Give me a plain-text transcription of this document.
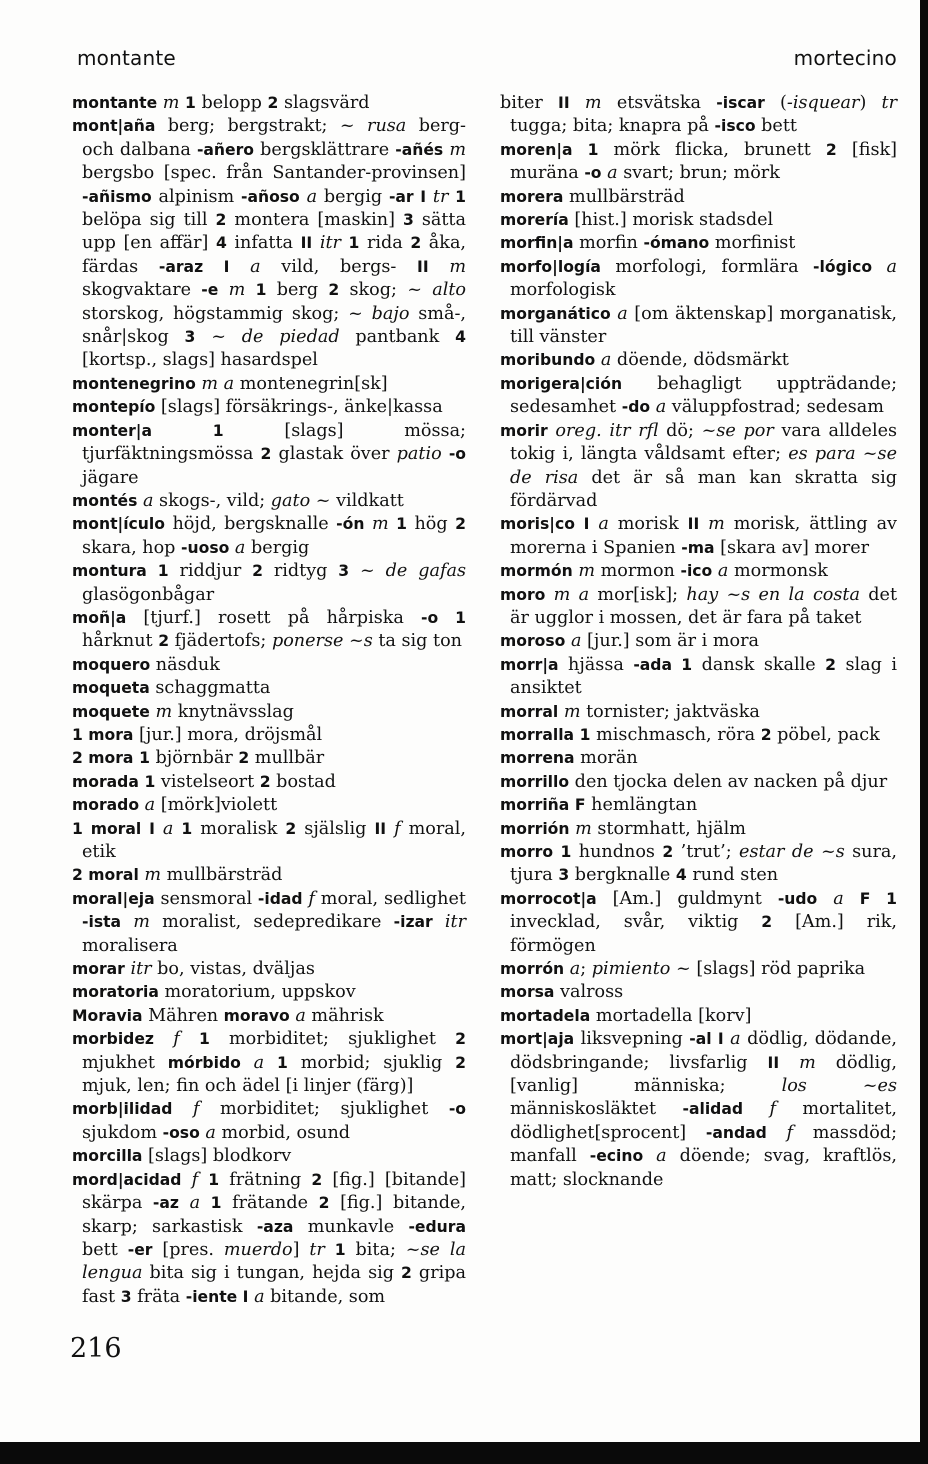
montante	mortecino

montante m 1 belopp 2 slagsvärd

mont|aña berg; bergstrakt; ~ rusa berg- och dalbana -añero bergsklättrare -añés m bergsbo [spec. från Santander-provinsen] -añismo alpinism -añoso a bergig -ar I tr 1 belöpa sig till 2 montera [maskin] 3 sätta upp [en affär] 4 infatta II itr 1 rida 2 åka, färdas -araz I a vild, bergs- II m skogvaktare -e m 1 berg 2 skog; ~ alto storskog, högstammig skog; ~ bajo små-, snår|skog 3 ~ de piedad pantbank 4 [kortsp., slags] hasardspel

montenegrino m a montenegrin[sk]

montepío [slags] försäkrings-, änke|kassa

monter|a	1 [slags] mössa; tjurfäktningsmössa 2 glastak över patio -o jägare

montés a skogs-, vild; gato ~ vildkatt

mont|ículo höjd, bergsknalle -ón m 1 hög 2 skara, hop -uoso a bergig

montura 1 riddjur 2 ridtyg 3 ~ de gafas glasögonbågar

moñ|a [tjurf.] rosett på hårpiska -o 1 hårknut 2 fjädertofs; ponerse ~s ta sig ton

moquero näsduk

moqueta schaggmatta

moquete m knytnävsslag

1 mora [jur.] mora, dröjsmål

2 mora 1 björnbär 2 mullbär

morada 1 vistelseort 2 bostad

morado a [mörk]violett

1 moral I a 1 moralisk 2 själslig II f moral, etik

2 moral m mullbärsträd

moral|eja sensmoral -idad f moral, sedlighet -ista m moralist, sedepredikare -izar itr moralisera

morar itr bo, vistas, dväljas

moratoria moratorium, uppskov

Moravia Mähren moravo a mährisk

morbidez f 1 morbiditet; sjuklighet 2 mjukhet mórbido a 1 morbid; sjuklig 2 mjuk, len; fin och ädel [i linjer (färg)]

morb|ilidad f morbiditet; sjuklighet -o sjukdom -oso a morbid, osund

morcilla [slags] blodkorv

mord|acidad f 1 frätning 2 [fig.] [bitande] skärpa -az a 1 frätande 2 [fig.] bitande, skarp; sarkastisk -aza munkavle -edura bett -er [pres. muerdo] tr 1 bita; ~se la lengua bita sig i tungan, hejda sig 2 gripa fast 3 fräta -iente I a bitande, som

biter II m etsvätska -iscar (-isquear) tr tugga; bita; knapra på -isco bett

moren|a 1 mörk flicka, brunett 2 [fisk] muräna -o a svart; brun; mörk

morera mullbärsträd

morería [hist.] morisk stadsdel

morfin|a morfin -ómano morfinist

morfo|logía morfologi, formlära -lógico a morfologisk

morganático a [om äktenskap] morganatisk, till vänster

moribundo a döende, dödsmärkt

morigera|ción behagligt uppträdande; sedesamhet -do a väluppfostrad; sedesam

morir oreg. itr rfl dö; ~se por vara alldeles tokig i, längta våldsamt efter; es para ~se de risa det är så man kan skratta sig fördärvad

moris|co I a morisk II m morisk, ättling av morerna i Spanien -ma [skara av] morer

mormón m mormon -ico a mormonsk

moro m a mor[isk]; hay ~s en la costa det är ugglor i mossen, det är fara på taket

moroso a [jur.] som är i mora

morr|a hjässa -ada 1 dansk skalle 2 slag i ansiktet

morral m tornister; jaktväska

morralla 1 mischmasch, röra 2 pöbel, pack

morrena morän

morrillo den tjocka delen av nacken på djur

morriña F hemlängtan

morrión m stormhatt, hjälm

morro 1 hundnos 2 ’trut’; estar de ~s sura, tjura 3 bergknalle 4 rund sten

morrocot|a [Am.] guldmynt -udo a F 1 invecklad, svår, viktig 2 [Am.] rik, förmögen

morrón a; pimiento ~ [slags] röd paprika

morsa valross

mortadela mortadella [korv]

mort|aja liksvepning -al I a dödlig, dödande, dödsbringande; livsfarlig II m dödlig, [vanlig] människa; los ~es människosläktet -alidad f mortalitet, dödlighet[sprocent] -andad f massdöd; manfall -ecino a döende; svag, kraftlös, matt; slocknande

216
